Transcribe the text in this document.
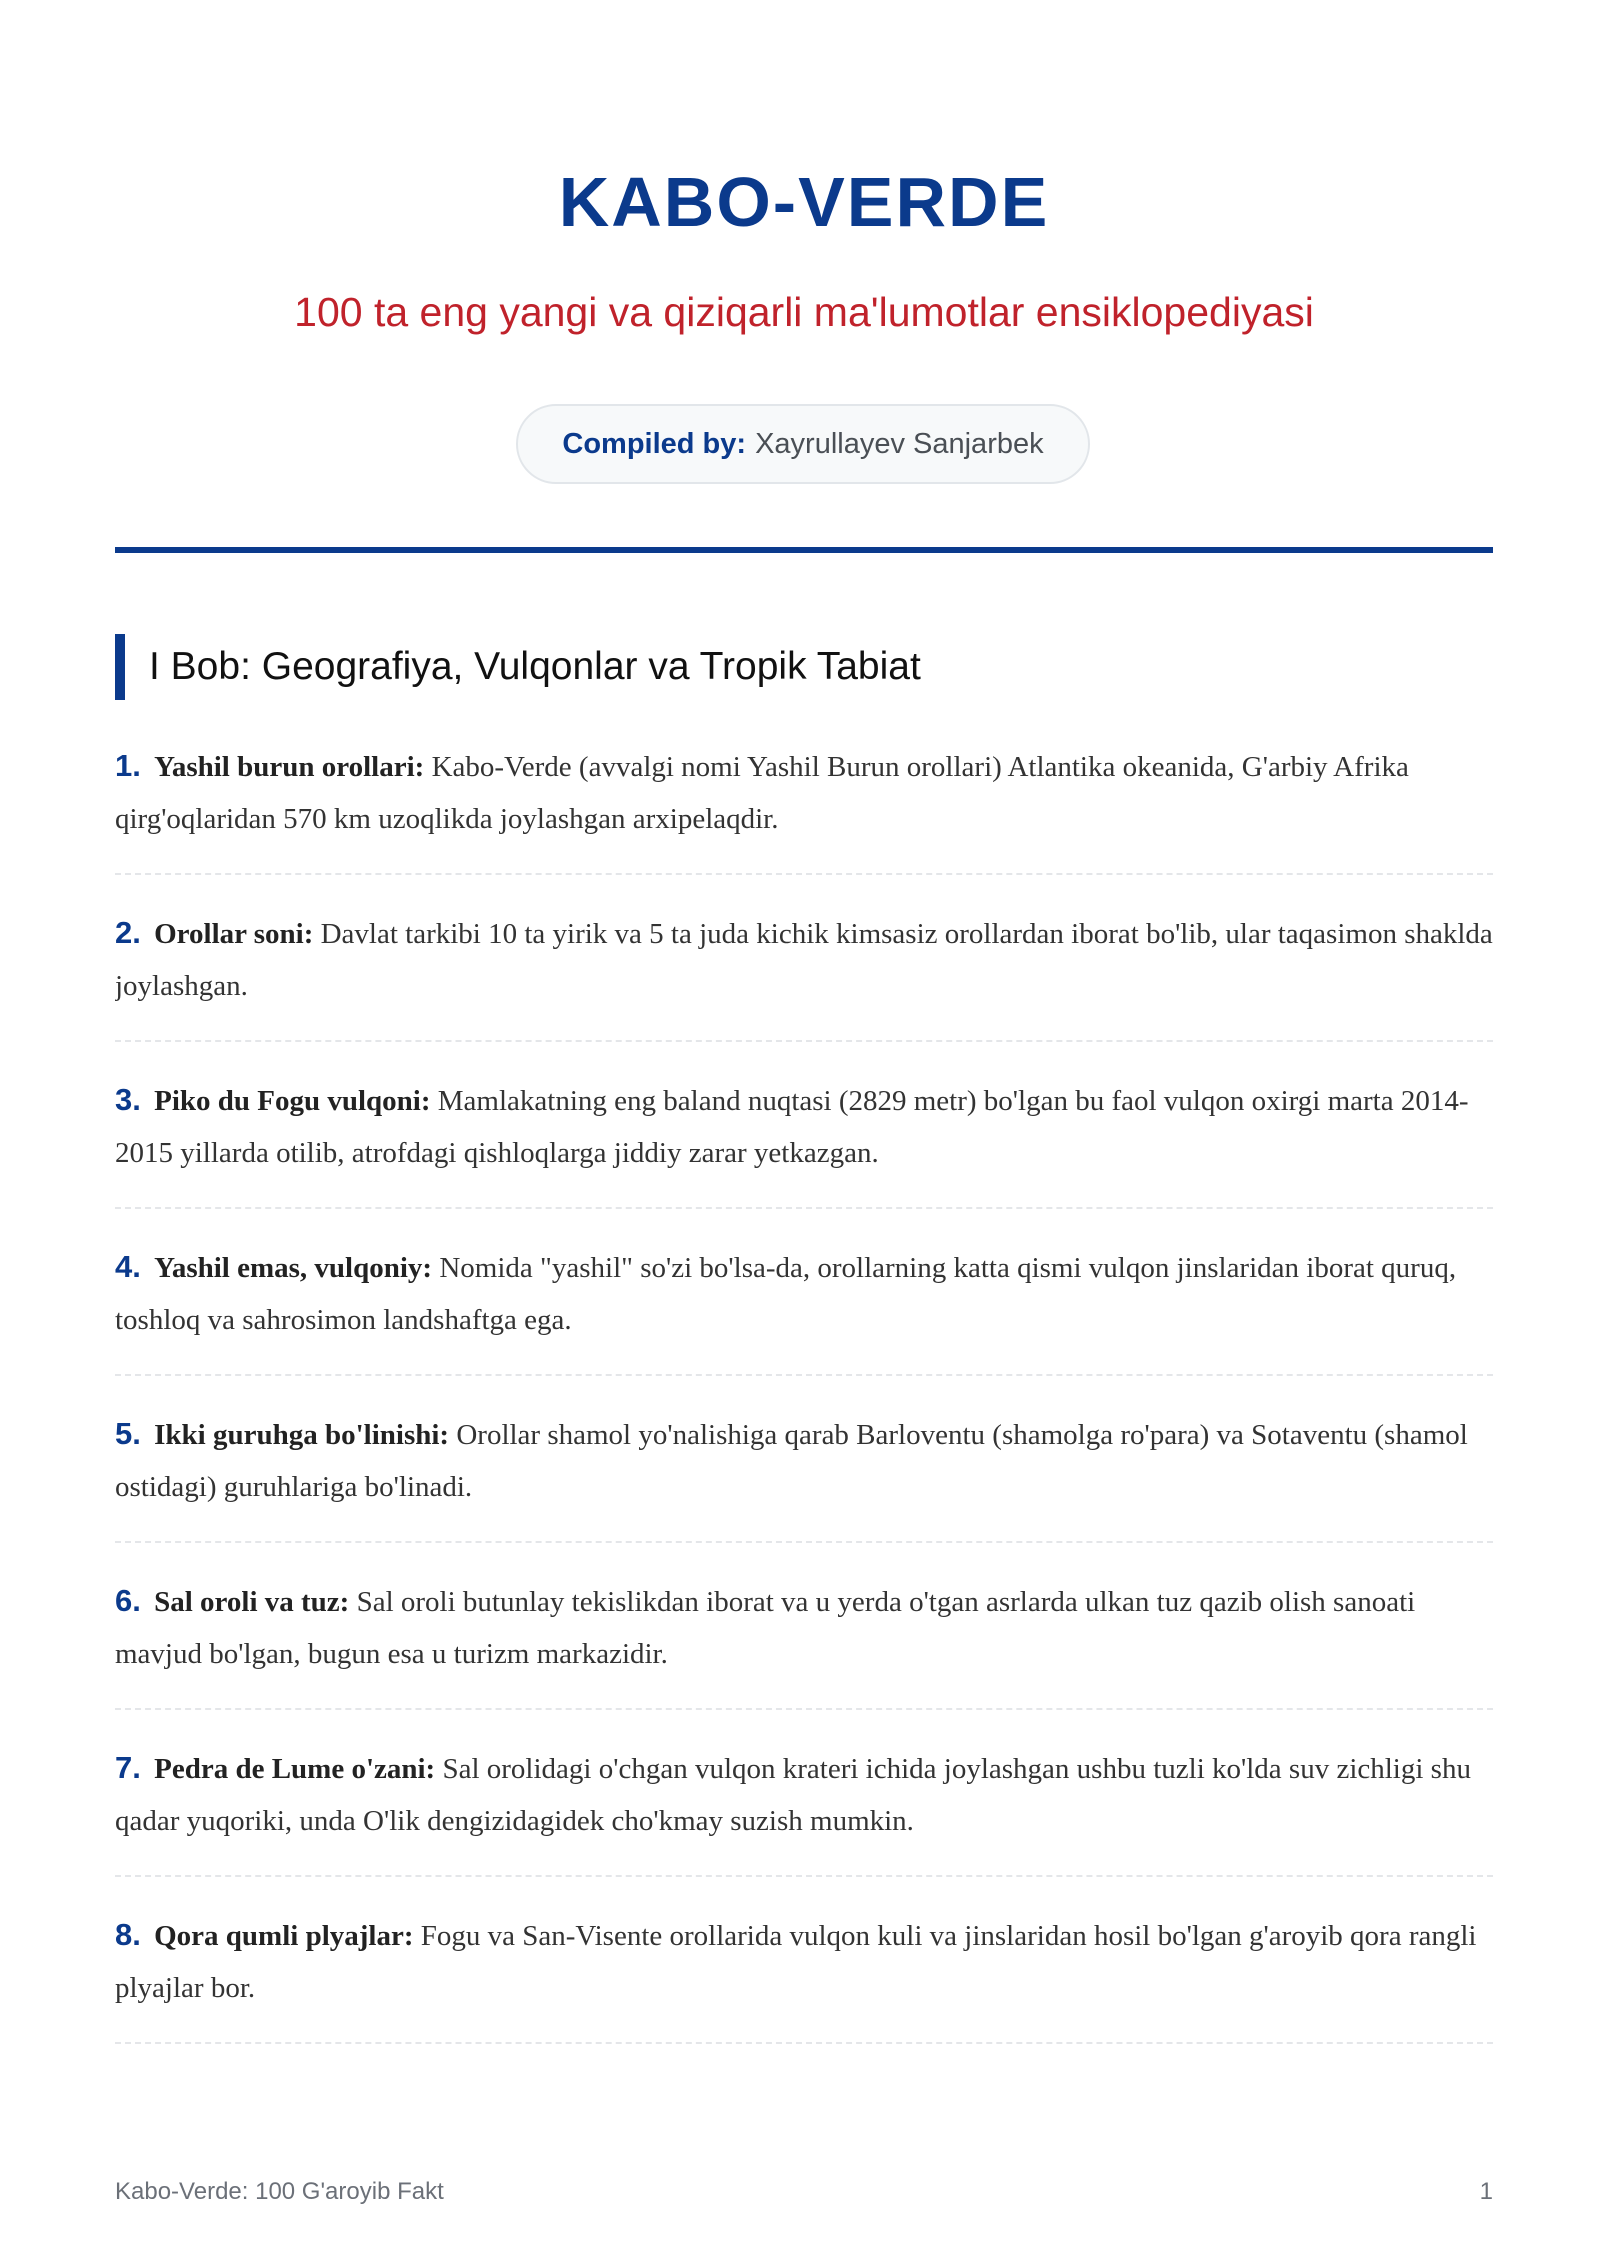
KABO-VERDE
100 ta eng yangi va qiziqarli ma'lumotlar ensiklopediyasi
Compiled by: Xayrullayev Sanjarbek
I Bob: Geografiya, Vulqonlar va Tropik Tabiat
1. Yashil burun orollari: Kabo-Verde (avvalgi nomi Yashil Burun orollari) Atlantika okeanida, G'arbiy Afrika qirg'oqlaridan 570 km uzoqlikda joylashgan arxipelaqdir.
2. Orollar soni: Davlat tarkibi 10 ta yirik va 5 ta juda kichik kimsasiz orollardan iborat bo'lib, ular taqasimon shaklda joylashgan.
3. Piko du Fogu vulqoni: Mamlakatning eng baland nuqtasi (2829 metr) bo'lgan bu faol vulqon oxirgi marta 2014-2015 yillarda otilib, atrofdagi qishloqlarga jiddiy zarar yetkazgan.
4. Yashil emas, vulqoniy: Nomida "yashil" so'zi bo'lsa-da, orollarning katta qismi vulqon jinslaridan iborat quruq, toshloq va sahrosimon landshaftga ega.
5. Ikki guruhga bo'linishi: Orollar shamol yo'nalishiga qarab Barloventu (shamolga ro'para) va Sotaventu (shamol ostidagi) guruhlariga bo'linadi.
6. Sal oroli va tuz: Sal oroli butunlay tekislikdan iborat va u yerda o'tgan asrlarda ulkan tuz qazib olish sanoati mavjud bo'lgan, bugun esa u turizm markazidir.
7. Pedra de Lume o'zani: Sal orolidagi o'chgan vulqon krateri ichida joylashgan ushbu tuzli ko'lda suv zichligi shu qadar yuqoriki, unda O'lik dengizidagidek cho'kmay suzish mumkin.
8. Qora qumli plyajlar: Fogu va San-Visente orollarida vulqon kuli va jinslaridan hosil bo'lgan g'aroyib qora rangli plyajlar bor.
Kabo-Verde: 100 G'aroyib Fakt	1
